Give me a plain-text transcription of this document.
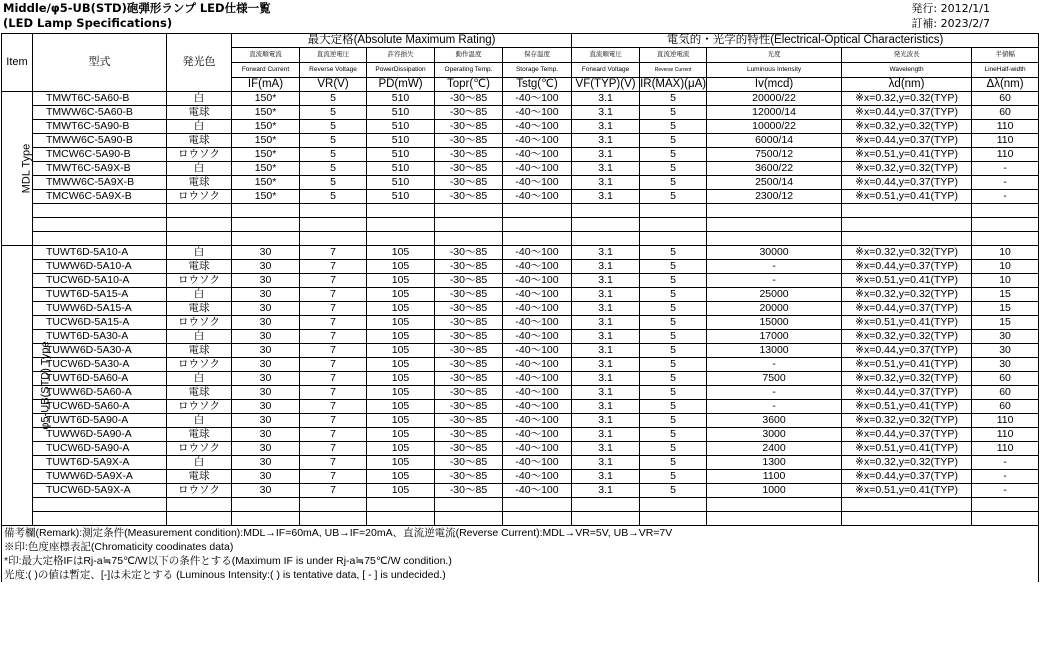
Middle/φ5-UB(STD)砲弾形ランプ LED仕様一覧
(LED Lamp Specifications)
発行: 2012/1/1
訂補: 2023/2/7
Item	型式	発光色	最大定格(Absolute Maximum Rating)					電気的・光学的特性(Electrical-Optical Characteristics)					
			直流順電流	直流逆電圧	許容損失	動作温度	保存温度	直流順電圧	直流逆電流	光度	発光波長	半値幅	
			Forward Current	Reverse Voltage	PowerDissipation	Operating Temp.	Storage Temp.	Forward Voltage	Reverse Current	Luminous Intensity	Wavelength	LineHalf-width	
			IF(mA)	VR(V)	PD(mW)	Topr(℃)	Tstg(℃)	VF(TYP)(V)	IR(MAX)(μA)	Iv(mcd)	λd(nm)	Δλ(nm)	
MDL Type	TMWT6C-5A60-B	白	150*	5	510	-30～85	-40～100	3.1	5	20000/22	※x=0.32,y=0.32(TYP)	60	
	TMWW6C-5A60-B	電球	150*	5	510	-30～85	-40～100	3.1	5	12000/14	※x=0.44,y=0.37(TYP)	60	
	TMWT6C-5A90-B	白	150*	5	510	-30～85	-40～100	3.1	5	10000/22	※x=0.32,y=0.32(TYP)	110	
	TMWW6C-5A90-B	電球	150*	5	510	-30～85	-40～100	3.1	5	6000/14	※x=0.44,y=0.37(TYP)	110	
	TMCW6C-5A90-B	ロウソク	150*	5	510	-30～85	-40～100	3.1	5	7500/12	※x=0.51,y=0.41(TYP)	110	
	TMWT6C-5A9X-B	白	150*	5	510	-30～85	-40～100	3.1	5	3600/22	※x=0.32,y=0.32(TYP)	-	
	TMWW6C-5A9X-B	電球	150*	5	510	-30～85	-40～100	3.1	5	2500/14	※x=0.44,y=0.37(TYP)	-	
	TMCW6C-5A9X-B	ロウソク	150*	5	510	-30～85	-40～100	3.1	5	2300/12	※x=0.51,y=0.41(TYP)	-	

φ5-UB(STD) Type	TUWT6D-5A10-A	白	30	7	105	-30～85	-40～100	3.1	5	30000	※x=0.32,y=0.32(TYP)	10	
	TUWW6D-5A10-A	電球	30	7	105	-30～85	-40～100	3.1	5	-	※x=0.44,y=0.37(TYP)	10	
	TUCW6D-5A10-A	ロウソク	30	7	105	-30～85	-40～100	3.1	5	-	※x=0.51,y=0.41(TYP)	10	
	TUWT6D-5A15-A	白	30	7	105	-30～85	-40～100	3.1	5	25000	※x=0.32,y=0.32(TYP)	15	
	TUWW6D-5A15-A	電球	30	7	105	-30～85	-40～100	3.1	5	20000	※x=0.44,y=0.37(TYP)	15	
	TUCW6D-5A15-A	ロウソク	30	7	105	-30～85	-40～100	3.1	5	15000	※x=0.51,y=0.41(TYP)	15	
	TUWT6D-5A30-A	白	30	7	105	-30～85	-40～100	3.1	5	17000	※x=0.32,y=0.32(TYP)	30	
	TUWW6D-5A30-A	電球	30	7	105	-30～85	-40～100	3.1	5	13000	※x=0.44,y=0.37(TYP)	30	
	TUCW6D-5A30-A	ロウソク	30	7	105	-30～85	-40～100	3.1	5	-	※x=0.51,y=0.41(TYP)	30	
	TUWT6D-5A60-A	白	30	7	105	-30～85	-40～100	3.1	5	7500	※x=0.32,y=0.32(TYP)	60	
	TUWW6D-5A60-A	電球	30	7	105	-30～85	-40～100	3.1	5	-	※x=0.44,y=0.37(TYP)	60	
	TUCW6D-5A60-A	ロウソク	30	7	105	-30～85	-40～100	3.1	5	-	※x=0.51,y=0.41(TYP)	60	
	TUWT6D-5A90-A	白	30	7	105	-30～85	-40～100	3.1	5	3600	※x=0.32,y=0.32(TYP)	110	
	TUWW6D-5A90-A	電球	30	7	105	-30～85	-40～100	3.1	5	3000	※x=0.44,y=0.37(TYP)	110	
	TUCW6D-5A90-A	ロウソク	30	7	105	-30～85	-40～100	3.1	5	2400	※x=0.51,y=0.41(TYP)	110	
	TUWT6D-5A9X-A	白	30	7	105	-30～85	-40～100	3.1	5	1300	※x=0.32,y=0.32(TYP)	-	
	TUWW6D-5A9X-A	電球	30	7	105	-30～85	-40～100	3.1	5	1100	※x=0.44,y=0.37(TYP)	-	
	TUCW6D-5A9X-A	ロウソク	30	7	105	-30～85	-40～100	3.1	5	1000	※x=0.51,y=0.41(TYP)	-	

備考欄(Remark):測定条件(Measurement condition):MDL→IF=60mA, UB→IF=20mA、直流逆電流(Reverse Current):MDL→VR=5V, UB→VR=7V													
※印:色度座標表記(Chromaticity coodinates data)													
*印:最大定格IFはRj-a≒75℃/W以下の条件とする(Maximum IF is under Rj-a≒75℃/W condition.)													
光度:( )の値は暫定、[-]は未定とする (Luminous Intensity:( ) is tentative data, [ - ] is undecided.)													
